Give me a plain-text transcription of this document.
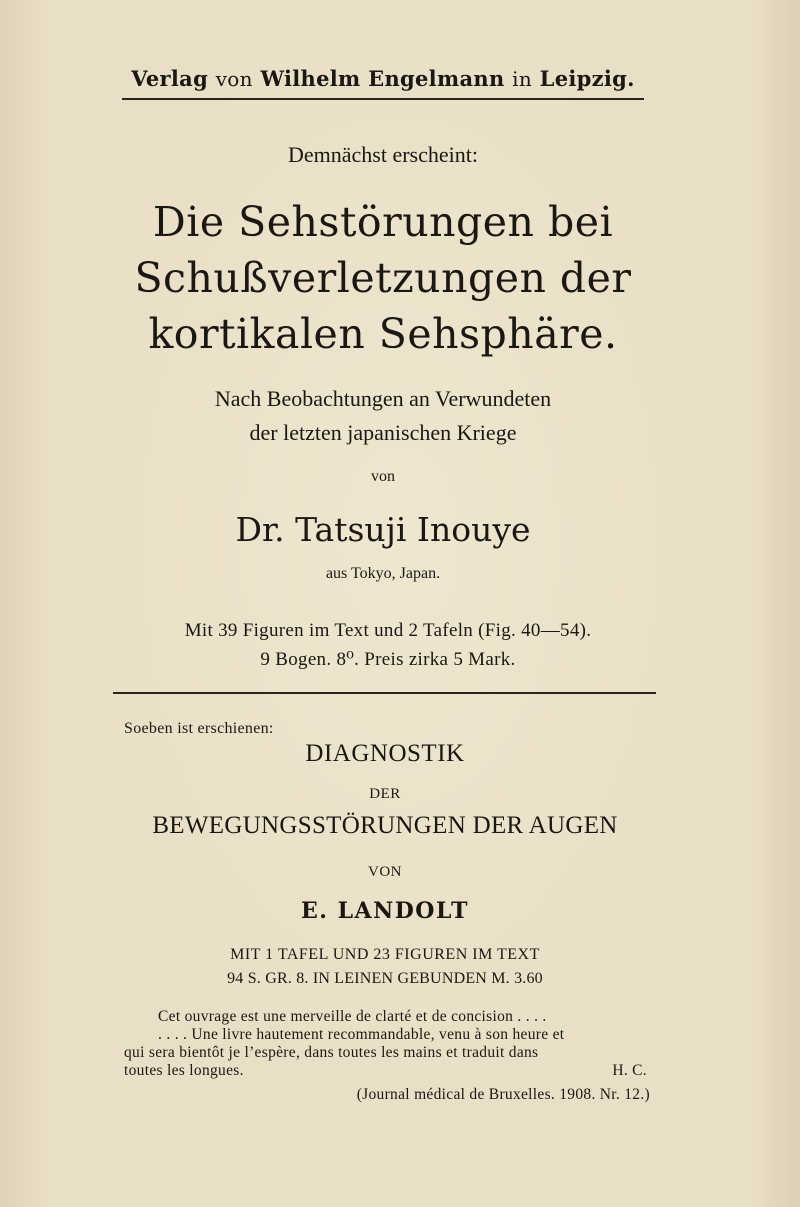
Verlag von Wilhelm Engelmann in Leipzig.
Demnächst erscheint:
Die Sehstörungen bei
Schußverletzungen der
kortikalen Sehsphäre.
Nach Beobachtungen an Verwundeten
der letzten japanischen Kriege
von
Dr. Tatsuji Inouye
aus Tokyo, Japan.
Mit 39 Figuren im Text und 2 Tafeln (Fig. 40—54).
9 Bogen. 8⁰. Preis zirka 5 Mark.
Soeben ist erschienen:
DIAGNOSTIK
DER
BEWEGUNGSSTÖRUNGEN DER AUGEN
VON
E. LANDOLT
MIT 1 TAFEL UND 23 FIGUREN IM TEXT
94 S. GR. 8. IN LEINEN GEBUNDEN M. 3.60
Cet ouvrage est une merveille de clarté et de concision . . . .
. . . . Une livre hautement recommandable, venu à son heure et
qui sera bientôt je l’espère, dans toutes les mains et traduit dans
toutes les longues.	H. C.
(Journal médical de Bruxelles. 1908. Nr. 12.)
